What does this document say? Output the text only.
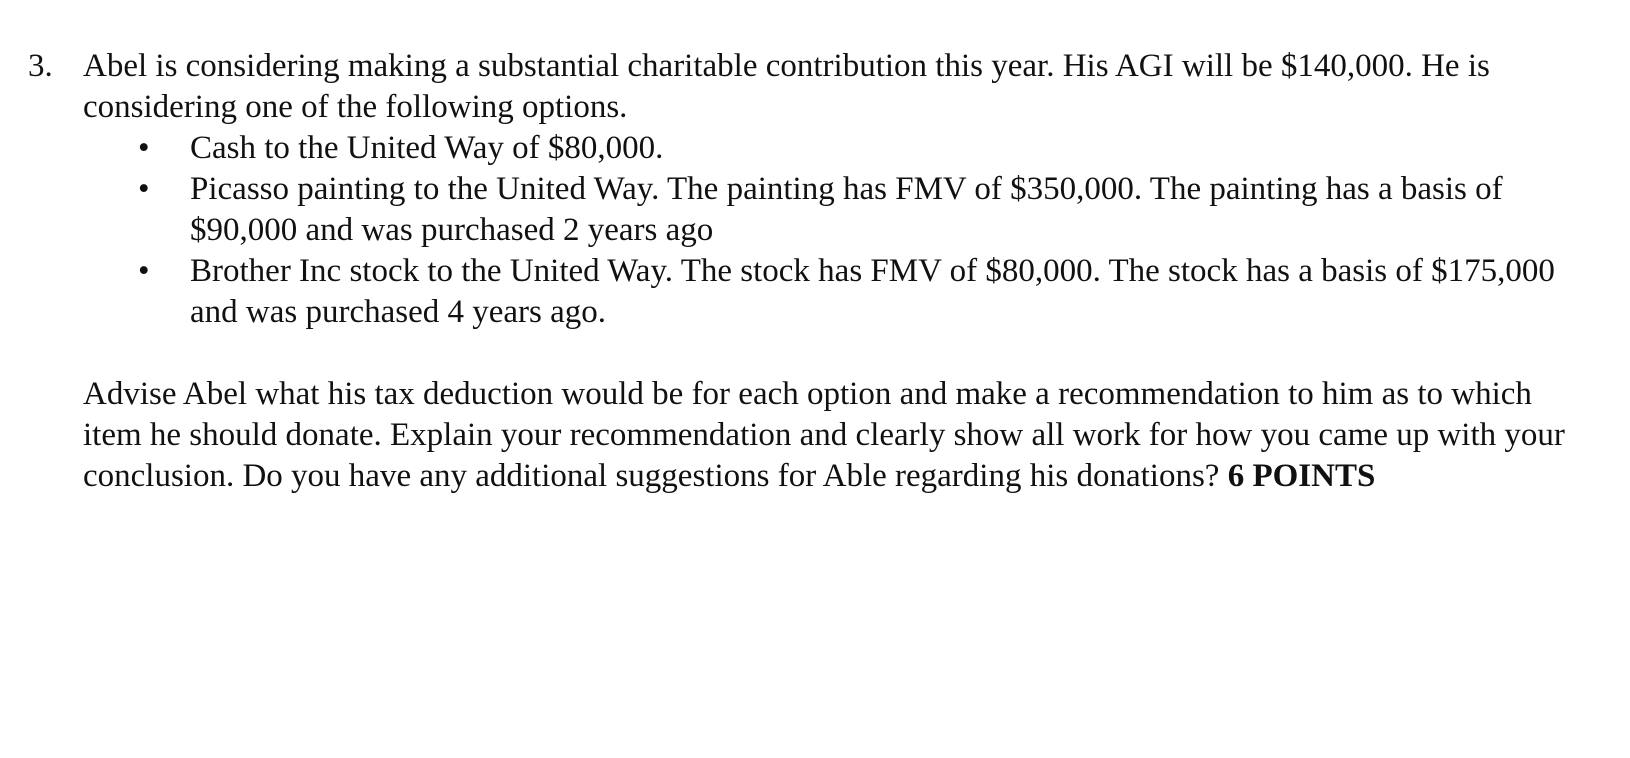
3. Abel is considering making a substantial charitable contribution this year. His AGI will be $140,000. He is considering one of the following options.

• Cash to the United Way of $80,000.
• Picasso painting to the United Way. The painting has FMV of $350,000. The painting has a basis of $90,000 and was purchased 2 years ago
• Brother Inc stock to the United Way. The stock has FMV of $80,000. The stock has a basis of $175,000 and was purchased 4 years ago.

Advise Abel what his tax deduction would be for each option and make a recommendation to him as to which item he should donate. Explain your recommendation and clearly show all work for how you came up with your conclusion. Do you have any additional suggestions for Able regarding his donations? 6 POINTS
